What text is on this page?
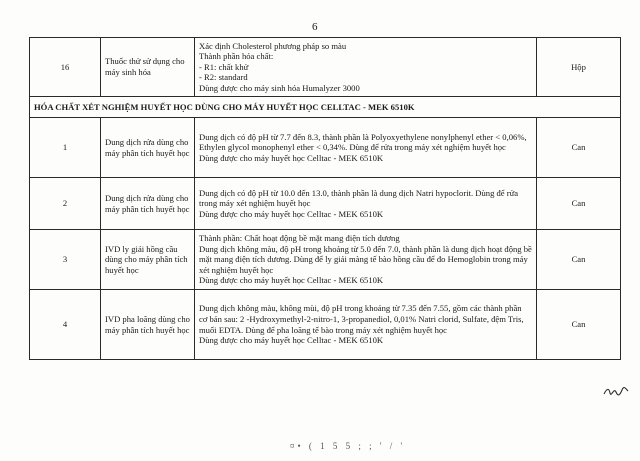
6
16	Thuốc thử sử dụng cho máy sinh hóa	Xác định Cholesterol phương pháp so màu
Thành phần hóa chất:
- R1: chất khử
- R2: standard
Dùng được cho máy sinh hóa Humalyzer 3000	Hộp
HÓA CHẤT XÉT NGHIỆM HUYẾT HỌC DÙNG CHO MÁY HUYẾT HỌC CELLTAC - MEK 6510K			
1	Dung dịch rửa dùng cho máy phân tích huyết học	Dung dịch có độ pH từ 7.7 đến 8.3, thành phần là Polyoxyethylene nonylphenyl ether < 0,06%, Ethylen glycol monophenyl ether < 0,34%. Dùng để rửa trong máy xét nghiệm huyết học
Dùng được cho máy huyết học Celltac - MEK 6510K	Can
2	Dung dịch rửa dùng cho máy phân tích huyết học	Dung dịch có độ pH từ 10.0 đến 13.0, thành phần là dung dịch Natri hypoclorit. Dùng để rửa trong máy xét nghiệm huyết học
Dùng được cho máy huyết học Celltac - MEK 6510K	Can
3	IVD ly giải hồng cầu dùng cho máy phân tích huyết học	Thành phần: Chất hoạt động bề mặt mang điện tích dương
Dung dịch không màu, độ pH trong khoảng từ 5.0 đến 7.0, thành phần là dung dịch hoạt động bề mặt mang điện tích dương. Dùng để ly giải màng tế bào hồng cầu để đo Hemoglobin trong máy xét nghiệm huyết học
Dùng được cho máy huyết học Celltac - MEK 6510K	Can
4	IVD pha loãng dùng cho máy phân tích huyết học	Dung dịch không màu, không mùi, độ pH trong khoảng từ 7.35 đến 7.55, gồm các thành phần cơ bản sau: 2 -Hydroxymethyl-2-nitro-1, 3-propanediol, 0,01% Natri clorid, Sulfate, đệm Tris, muối EDTA. Dùng để pha loãng tế bào trong máy xét nghiệm huyết học
Dùng được cho máy huyết học Celltac - MEK 6510K	Can
¤• ( 1 5 5 ; ; ' / '
